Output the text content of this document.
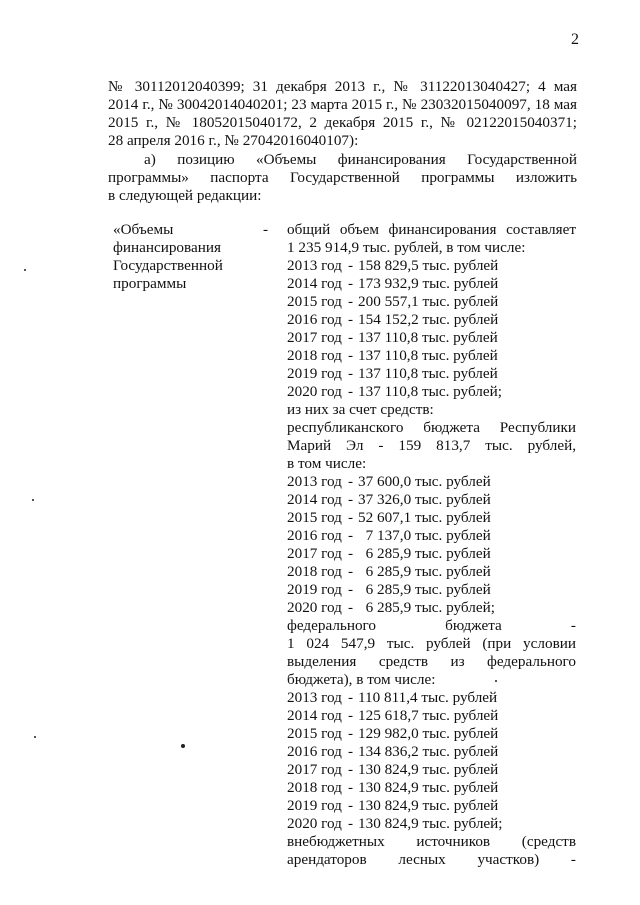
2
№ 30112012040399; 31 декабря 2013 г., № 31122013040427; 4 мая
2014 г., № 30042014040201; 23 марта 2015 г., № 23032015040097, 18 мая
2015 г., № 18052015040172, 2 декабря 2015 г., № 02122015040371;
28 апреля 2016 г., № 27042016040107):
а) позицию «Объемы финансирования Государственной
программы» паспорта Государственной программы изложить
в следующей редакции:
«Объемы	-
финансирования
Государственной
программы
общий объем финансирования составляет
1 235 914,9 тыс. рублей, в том числе:
2013 год - 158 829,5 тыс. рублей
2014 год - 173 932,9 тыс. рублей
2015 год - 200 557,1 тыс. рублей
2016 год - 154 152,2 тыс. рублей
2017 год - 137 110,8 тыс. рублей
2018 год - 137 110,8 тыс. рублей
2019 год - 137 110,8 тыс. рублей
2020 год - 137 110,8 тыс. рублей;
из них за счет средств:
республиканского бюджета Республики
Марий Эл - 159 813,7 тыс. рублей,
в том числе:
2013 год - 37 600,0 тыс. рублей
2014 год - 37 326,0 тыс. рублей
2015 год - 52 607,1 тыс. рублей
2016 год -  7 137,0 тыс. рублей
2017 год -  6 285,9 тыс. рублей
2018 год -  6 285,9 тыс. рублей
2019 год -  6 285,9 тыс. рублей
2020 год -  6 285,9 тыс. рублей;
федерального бюджета -
1 024 547,9 тыс. рублей (при условии
выделения средств из федерального
бюджета), в том числе:
2013 год - 110 811,4 тыс. рублей
2014 год - 125 618,7 тыс. рублей
2015 год - 129 982,0 тыс. рублей
2016 год - 134 836,2 тыс. рублей
2017 год - 130 824,9 тыс. рублей
2018 год - 130 824,9 тыс. рублей
2019 год - 130 824,9 тыс. рублей
2020 год - 130 824,9 тыс. рублей;
внебюджетных источников (средств
арендаторов лесных участков) -
